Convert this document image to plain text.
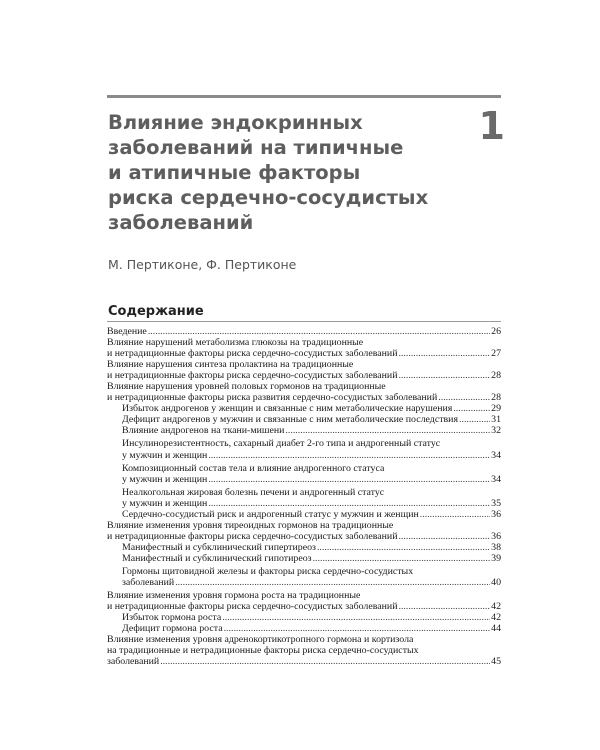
Влияние эндокринных
заболеваний на типичные
и атипичные факторы
риска сердечно-сосудистых
заболеваний
1
М. Пертиконе, Ф. Пертиконе
Содержание
Введение .....	26
Влияние нарушений метаболизма глюкозы на традиционные
и нетрадиционные факторы риска сердечно-сосудистых заболеваний .....	27
Влияние нарушения синтеза пролактина на традиционные
и нетрадиционные факторы риска сердечно-сосудистых заболеваний .....	28
Влияние нарушения уровней половых гормонов на традиционные
и нетрадиционные факторы риска развития сердечно-сосудистых заболеваний .....	28
Избыток андрогенов у женщин и связанные с ним метаболические нарушения .....	29
Дефицит андрогенов у мужчин и связанные с ним метаболические последствия .....	31
Влияние андрогенов на ткани-мишени .....	32
Инсулинорезистентность, сахарный диабет 2-го типа и андрогенный статус
у мужчин и женщин .....	34
Композиционный состав тела и влияние андрогенного статуса
у мужчин и женщин .....	34
Неалкогольная жировая болезнь печени и андрогенный статус
у мужчин и женщин .....	35
Сердечно-сосудистый риск и андрогенный статус у мужчин и женщин .....	36
Влияние изменения уровня тиреоидных гормонов на традиционные
и нетрадиционные факторы риска сердечно-сосудистых заболеваний .....	36
Манифестный и субклинический гипертиреоз .....	38
Манифестный и субклинический гипотиреоз .....	39
Гормоны щитовидной железы и факторы риска сердечно-сосудистых
заболеваний .....	40
Влияние изменения уровня гормона роста на традиционные
и нетрадиционные факторы риска сердечно-сосудистых заболеваний .....	42
Избыток гормона роста .....	42
Дефицит гормона роста .....	44
Влияние изменения уровня адренокортикотропного гормона и кортизола
на традиционные и нетрадиционные факторы риска сердечно-сосудистых
заболеваний .....	45
